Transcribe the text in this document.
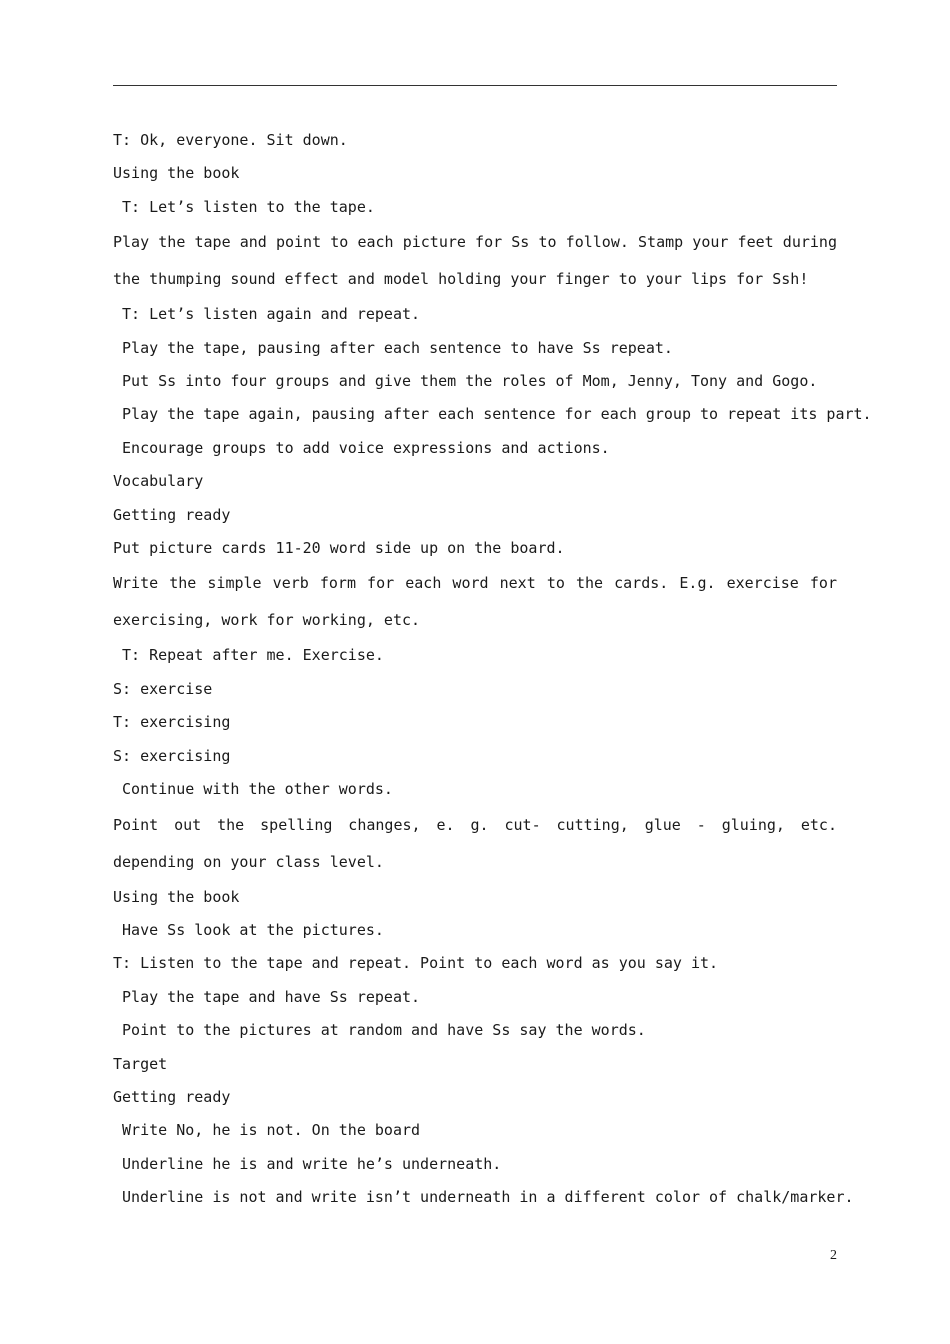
T: Ok, everyone. Sit down.

Using the book

T: Let’s listen to the tape.

Play the tape and point to each picture for Ss to follow. Stamp your feet during the thumping sound effect and model holding your finger to your lips for Ssh!

T: Let’s listen again and repeat.

Play the tape, pausing after each sentence to have Ss repeat.

Put Ss into four groups and give them the roles of Mom, Jenny, Tony and Gogo.

Play the tape again, pausing after each sentence for each group to repeat its part.

Encourage groups to add voice expressions and actions.

Vocabulary

Getting ready

Put picture cards 11-20 word side up on the board.

Write the simple verb form for each word next to the cards. E.g. exercise for exercising, work for working, etc.

T: Repeat after me. Exercise.

S: exercise

T: exercising

S: exercising

Continue with the other words.

Point out the spelling changes, e. g. cut- cutting, glue - gluing, etc. depending on your class level.

Using the book

Have Ss look at the pictures.

T: Listen to the tape and repeat. Point to each word as you say it.

Play the tape and have Ss repeat.

Point to the pictures at random and have Ss say the words.

Target

Getting ready

Write No, he is not. On the board

Underline he is and write he’s underneath.

Underline is not and write isn’t underneath in a different color of chalk/marker.

2
